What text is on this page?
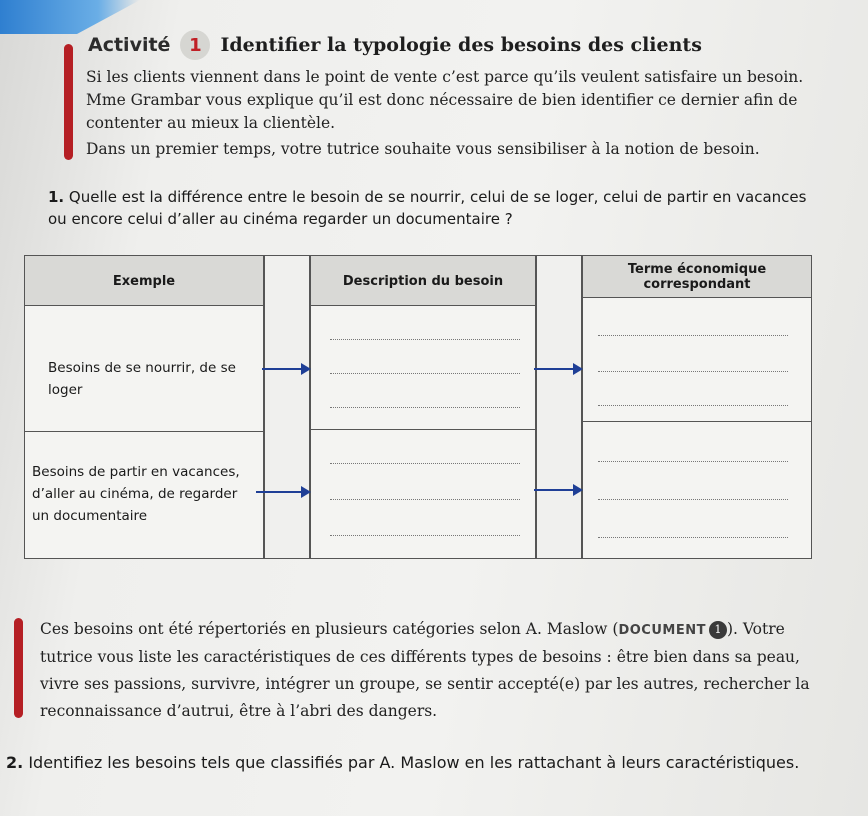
Activité	1 Identifier la typologie des besoins des clients

Si les clients viennent dans le point de vente c’est parce qu’ils veulent satisfaire un besoin. Mme Grambar vous explique qu’il est donc nécessaire de bien identifier ce dernier afin de contenter au mieux la clientèle.

Dans un premier temps, votre tutrice souhaite vous sensibiliser à la notion de besoin.

1. Quelle est la différence entre le besoin de se nourrir, celui de se loger, celui de partir en vacances ou encore celui d’aller au cinéma regarder un documentaire ?
Exemple
Besoins de se nourrir, de se loger
Besoins de partir en vacances, d’aller au cinéma, de regarder un documentaire
Description du besoin
Terme économique correspondant
Ces besoins ont été répertoriés en plusieurs catégories selon A. Maslow (DOCUMENT 1 ). Votre tutrice vous liste les caractéristiques de ces différents types de besoins : être bien dans sa peau, vivre ses passions, survivre, intégrer un groupe, se sentir accepté(e) par les autres, rechercher la reconnaissance d’autrui, être à l’abri des dangers.
2. Identifiez les besoins tels que classifiés par A. Maslow en les rattachant à leurs caractéristiques.
